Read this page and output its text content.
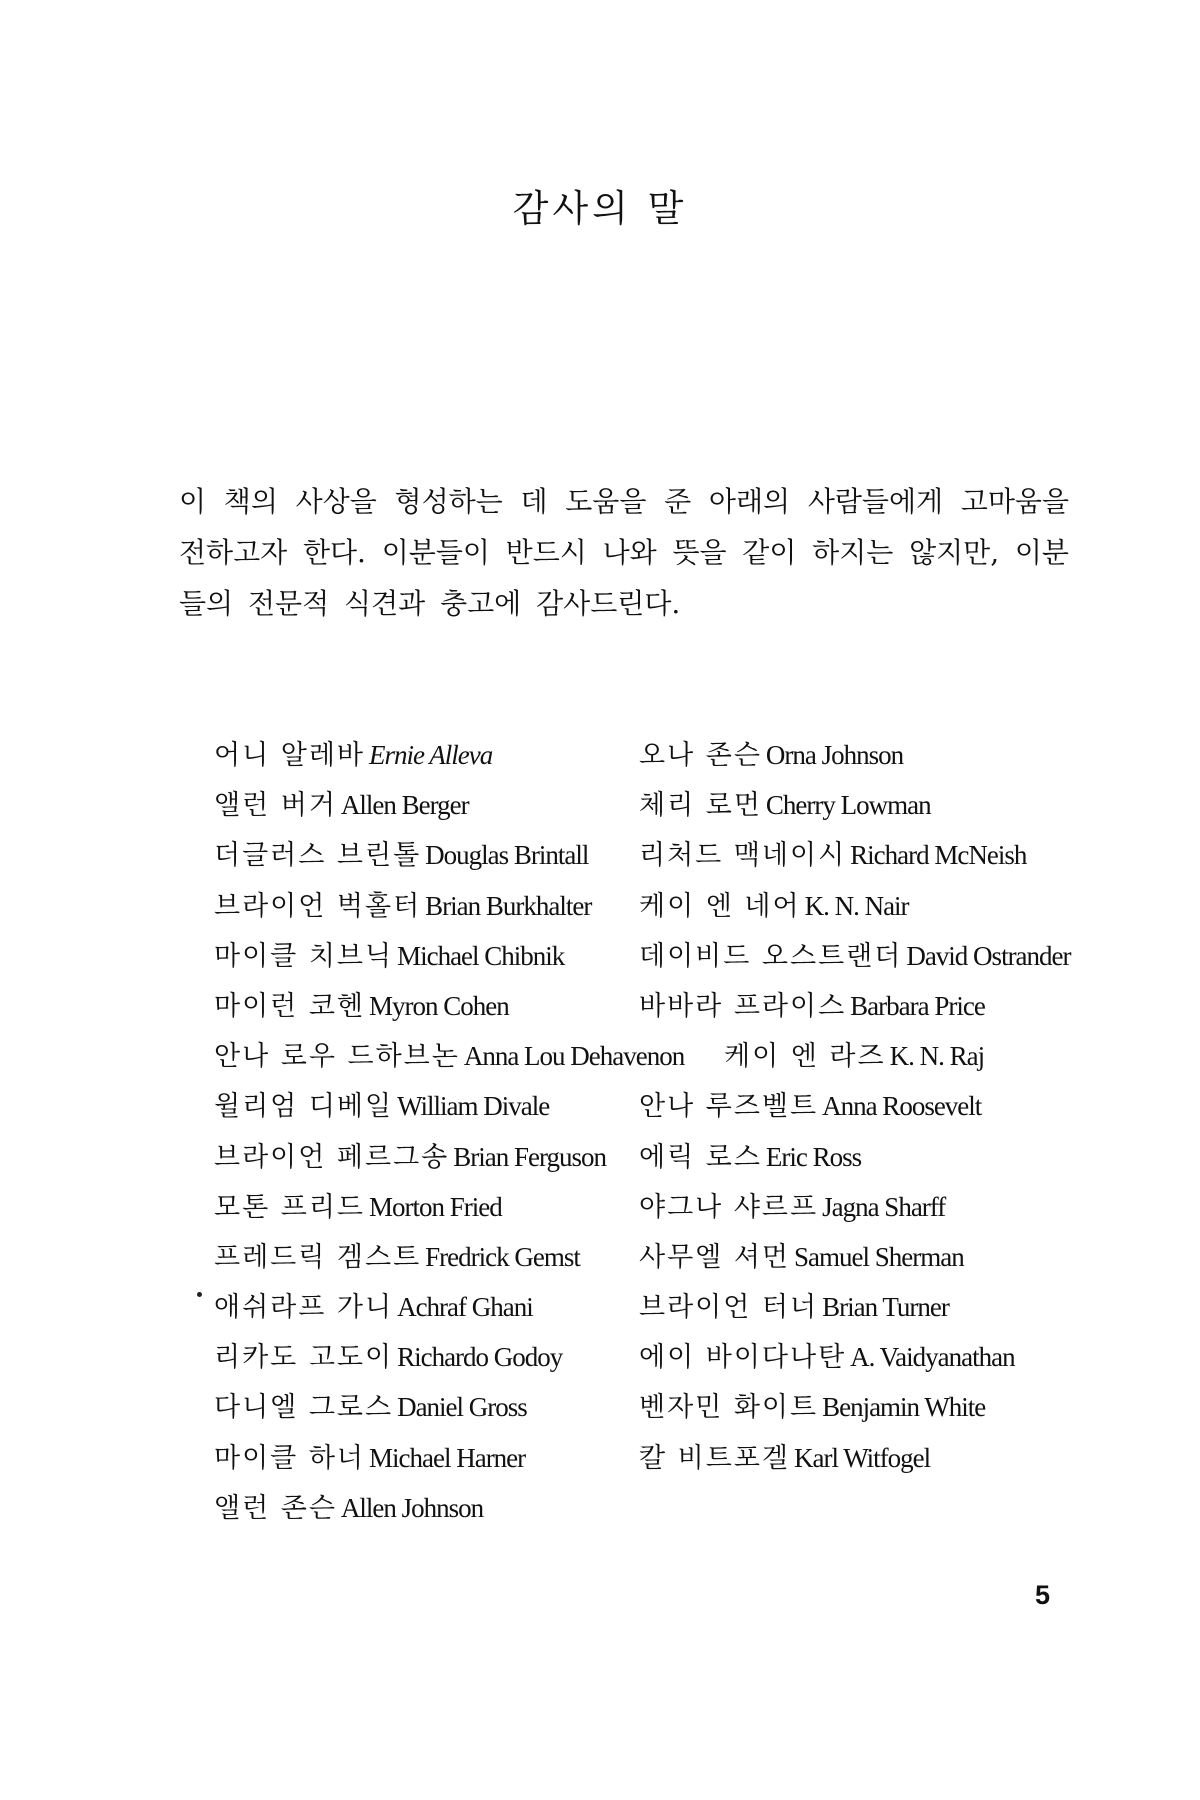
감사의 말

이 책의 사상을 형성하는 데 도움을 준 아래의 사람들에게 고마움을 전하고자 한다. 이분들이 반드시 나와 뜻을 같이 하지는 않지만, 이분들의 전문적 식견과 충고에 감사드린다.

어니 알레바 Ernie Alleva	오나 존슨 Orna Johnson
앨런 버거 Allen Berger	체리 로먼 Cherry Lowman
더글러스 브린톨 Douglas Brintall 리처드 맥네이시 Richard McNeish
브라이언 벅홀터 Brian Burkhalter 케이 엔 네어 K. N. Nair
마이클 치브닉 Michael Chibnik	데이비드 오스트랜더 David Ostrander
마이런 코헨 Myron Cohen	바바라 프라이스 Barbara Price
안나 로우 드하브논 Anna Lou Dehavenon 케이 엔 라즈 K. N. Raj
윌리엄 디베일 William Divale	안나 루즈벨트 Anna Roosevelt
브라이언 페르그송 Brian Ferguson 에릭 로스 Eric Ross
모톤 프리드 Morton Fried	야그나 샤르프 Jagna Sharff
프레드릭 겜스트 Fredrick Gemst 사무엘 셔먼 Samuel Sherman
애쉬라프 가니 Achraf Ghani	브라이언 터너 Brian Turner
리카도 고도이 Richardo Godoy	에이 바이다나탄 A. Vaidyanathan
다니엘 그로스 Daniel Gross	벤자민 화이트 Benjamin White
마이클 하너 Michael Harner	칼 비트포겔 Karl Witfogel
앨런 존슨 Allen Johnson
5
